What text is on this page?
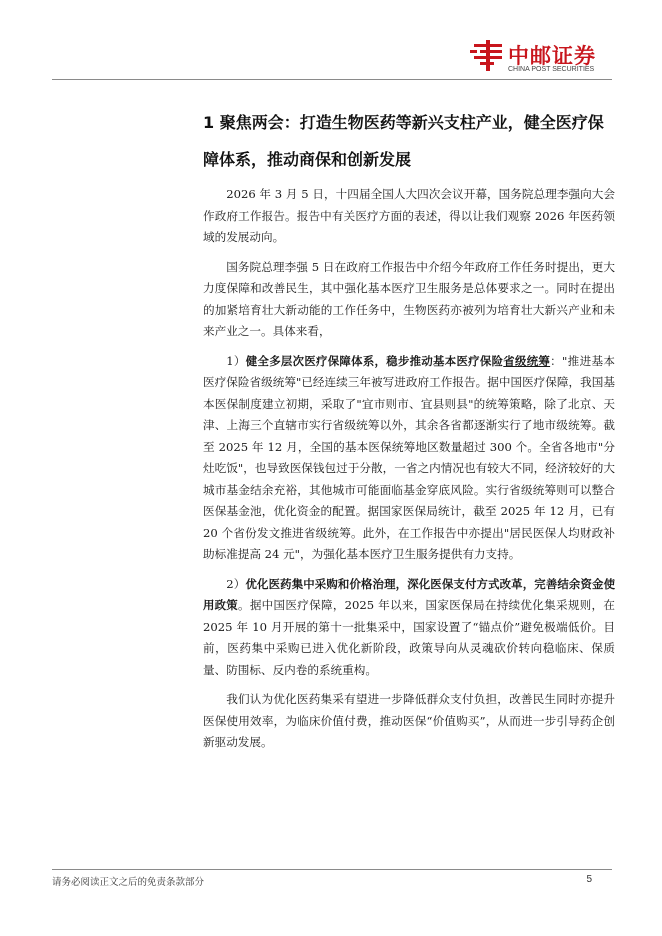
中邮证券
CHINA POST SECURITIES
1 聚焦两会：打造生物医药等新兴支柱产业，健全医疗保障体系，推动商保和创新发展

2026 年 3 月 5 日，十四届全国人大四次会议开幕，国务院总理李强向大会作政府工作报告。报告中有关医疗方面的表述，得以让我们观察 2026 年医药领域的发展动向。

国务院总理李强 5 日在政府工作报告中介绍今年政府工作任务时提出，更大力度保障和改善民生，其中强化基本医疗卫生服务是总体要求之一。同时在提出的加紧培育壮大新动能的工作任务中，生物医药亦被列为培育壮大新兴产业和未来产业之一。具体来看，

1）健全多层次医疗保障体系，稳步推动基本医疗保险省级统筹："推进基本医疗保险省级统筹"已经连续三年被写进政府工作报告。据中国医疗保障，我国基本医保制度建立初期，采取了"宜市则市、宜县则县"的统筹策略，除了北京、天津、上海三个直辖市实行省级统筹以外，其余各省都逐渐实行了地市级统筹。截至 2025 年 12 月，全国的基本医保统筹地区数量超过 300 个。全省各地市"分灶吃饭"，也导致医保钱包过于分散，一省之内情况也有较大不同，经济较好的大城市基金结余充裕，其他城市可能面临基金穿底风险。实行省级统筹则可以整合医保基金池，优化资金的配置。据国家医保局统计，截至 2025 年 12 月，已有 20 个省份发文推进省级统筹。此外，在工作报告中亦提出"居民医保人均财政补助标准提高 24 元"，为强化基本医疗卫生服务提供有力支持。

2）优化医药集中采购和价格治理，深化医保支付方式改革，完善结余资金使用政策。据中国医疗保障，2025 年以来，国家医保局在持续优化集采规则，在 2025 年 10 月开展的第十一批集采中，国家设置了“锚点价”避免极端低价。目前，医药集中采购已进入优化新阶段，政策导向从灵魂砍价转向稳临床、保质量、防围标、反内卷的系统重构。

我们认为优化医药集采有望进一步降低群众支付负担，改善民生同时亦提升医保使用效率，为临床价值付费，推动医保“价值购买”，从而进一步引导药企创新驱动发展。

请务必阅读正文之后的免责条款部分	5
